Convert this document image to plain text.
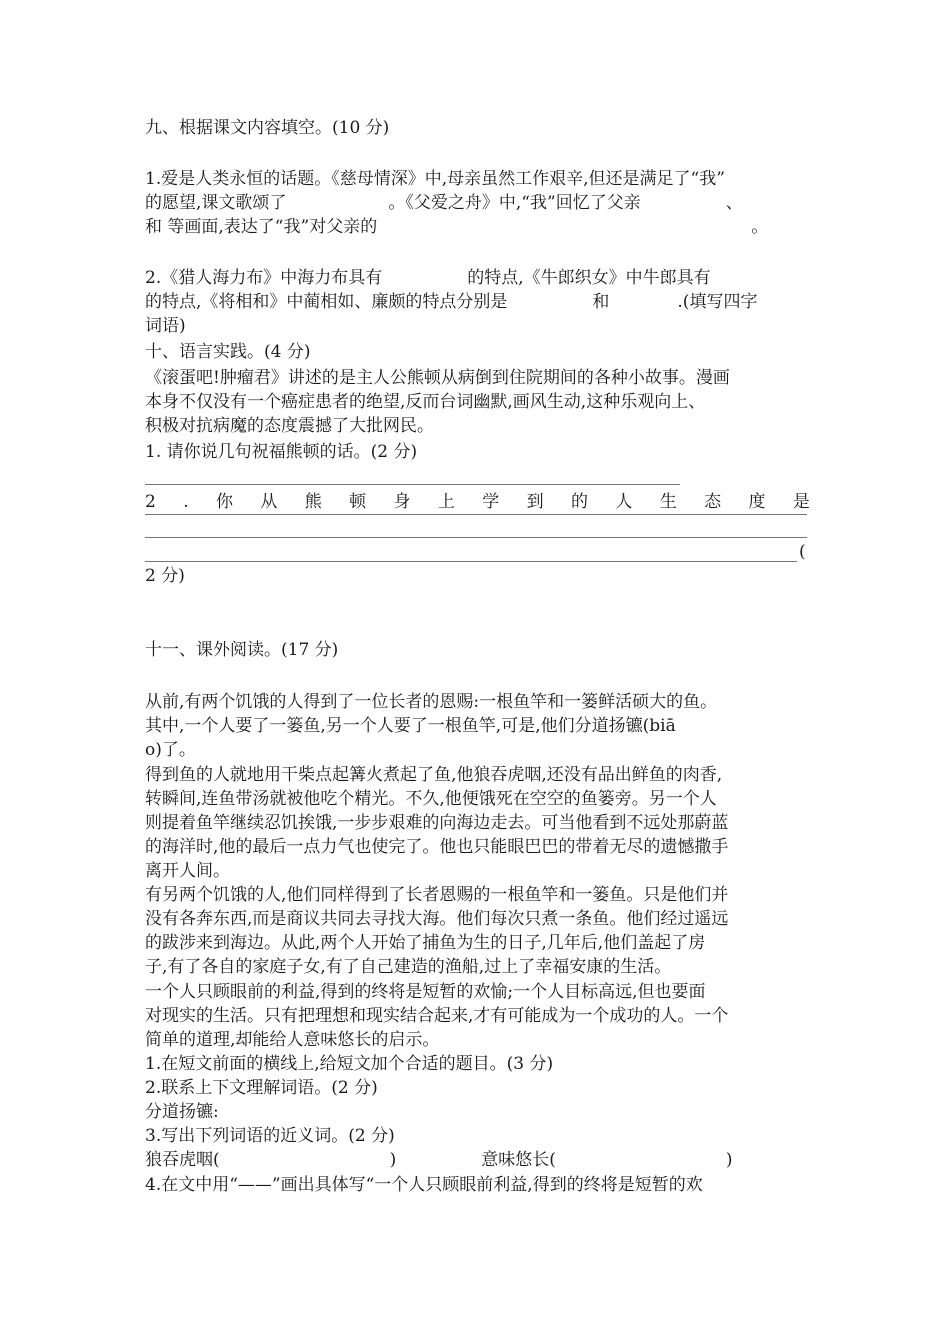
九、根据课文内容填空。(10 分)
1.爱是人类永恒的话题。《慈母情深》中,母亲虽然工作艰辛,但还是满足了“我”
的愿望,课文歌颂了　　　　　　。《父爱之舟》中,“我”回忆了父亲　　　　　、
和 等画面,表达了“我”对父亲的　　　　　　　　　　　　　　　　　　　　　　。
2.《猎人海力布》中海力布具有　　　　　的特点,《牛郎织女》中牛郎具有
的特点,《将相和》中蔺相如、廉颇的特点分别是　　　　　和　　　　.(填写四字
词语)
十、语言实践。(4 分)
《滚蛋吧!肿瘤君》讲述的是主人公熊顿从病倒到住院期间的各种小故事。漫画
本身不仅没有一个癌症患者的绝望,反而台词幽默,画风生动,这种乐观向上、
积极对抗病魔的态度震撼了大批网民。
1. 请你说几句祝福熊顿的话。(2 分)
2 . 你 从 熊 顿 身 上 学 到 的 人 生 态 度 是
(
2 分)
十一、课外阅读。(17 分)
从前,有两个饥饿的人得到了一位长者的恩赐:一根鱼竿和一篓鲜活硕大的鱼。
其中,一个人要了一篓鱼,另一个人要了一根鱼竿,可是,他们分道扬镳(biā
o)了。
得到鱼的人就地用干柴点起篝火煮起了鱼,他狼吞虎咽,还没有品出鲜鱼的肉香,
转瞬间,连鱼带汤就被他吃个精光。不久,他便饿死在空空的鱼篓旁。另一个人
则提着鱼竿继续忍饥挨饿,一步步艰难的向海边走去。可当他看到不远处那蔚蓝
的海洋时,他的最后一点力气也使完了。他也只能眼巴巴的带着无尽的遗憾撒手
离开人间。
有另两个饥饿的人,他们同样得到了长者恩赐的一根鱼竿和一篓鱼。只是他们并
没有各奔东西,而是商议共同去寻找大海。他们每次只煮一条鱼。他们经过遥远
的跋涉来到海边。从此,两个人开始了捕鱼为生的日子,几年后,他们盖起了房
子,有了各自的家庭子女,有了自己建造的渔船,过上了幸福安康的生活。
一个人只顾眼前的利益,得到的终将是短暂的欢愉;一个人目标高远,但也要面
对现实的生活。只有把理想和现实结合起来,才有可能成为一个成功的人。一个
简单的道理,却能给人意味悠长的启示。
1.在短文前面的横线上,给短文加个合适的题目。(3 分)
2.联系上下文理解词语。(2 分)
分道扬镳:
3.写出下列词语的近义词。(2 分)
狼吞虎咽(　　　　　　　　　　)　　　　　意味悠长(　　　　　　　　　　)
4.在文中用“——”画出具体写“一个人只顾眼前利益,得到的终将是短暂的欢
